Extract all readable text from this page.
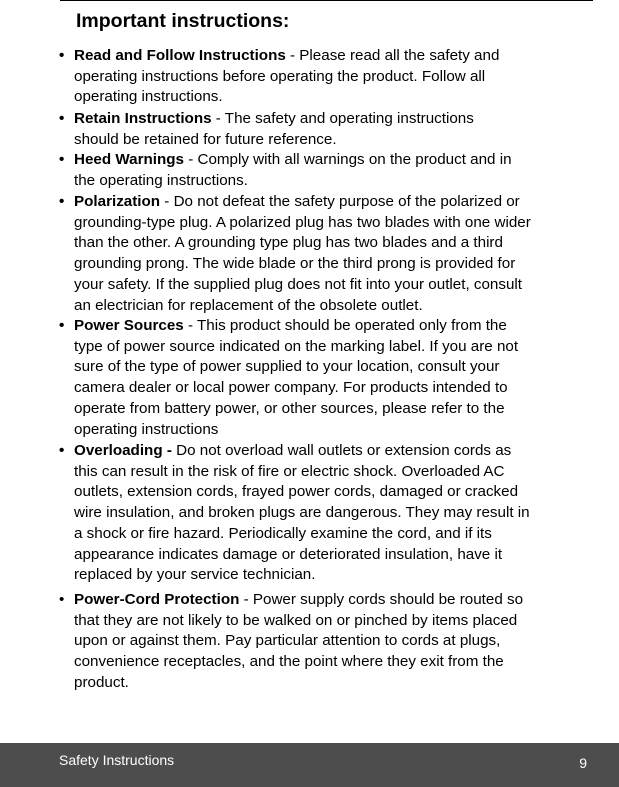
Important instructions:
• Read and Follow Instructions - Please read all the safety and
operating instructions before operating the product. Follow all
operating instructions.
• Retain Instructions - The safety and operating instructions
should be retained for future reference.
• Heed Warnings - Comply with all warnings on the product and in
the operating instructions.
• Polarization - Do not defeat the safety purpose of the polarized or
grounding-type plug. A polarized plug has two blades with one wider
than the other. A grounding type plug has two blades and a third
grounding prong. The wide blade or the third prong is provided for
your safety. If the supplied plug does not fit into your outlet, consult
an electrician for replacement of the obsolete outlet.
• Power Sources - This product should be operated only from the
type of power source indicated on the marking label. If you are not
sure of the type of power supplied to your location, consult your
camera dealer or local power company. For products intended to
operate from battery power, or other sources, please refer to the
operating instructions
• Overloading - Do not overload wall outlets or extension cords as
this can result in the risk of fire or electric shock. Overloaded AC
outlets, extension cords, frayed power cords, damaged or cracked
wire insulation, and broken plugs are dangerous. They may result in
a shock or fire hazard. Periodically examine the cord, and if its
appearance indicates damage or deteriorated insulation, have it
replaced by your service technician.
• Power-Cord Protection - Power supply cords should be routed so
that they are not likely to be walked on or pinched by items placed
upon or against them. Pay particular attention to cords at plugs,
convenience receptacles, and the point where they exit from the
product.
Safety Instructions	9
